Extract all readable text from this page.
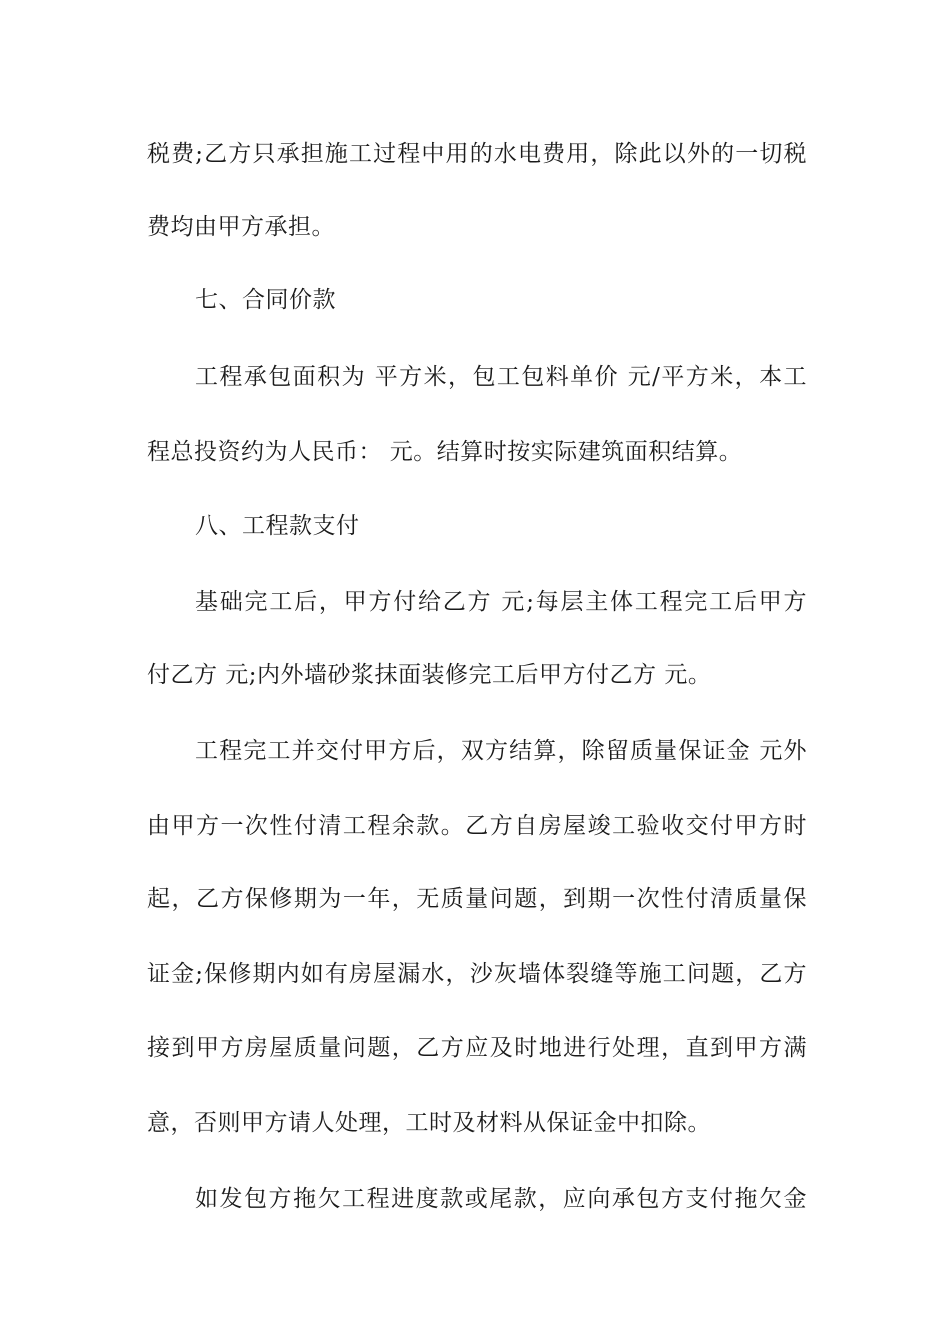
税费;乙方只承担施工过程中用的水电费用，除此以外的一切税
费均由甲方承担。
七、合同价款
工程承包面积为 平方米，包工包料单价 元/平方米，本工
程总投资约为人民币： 元。结算时按实际建筑面积结算。
八、工程款支付
基础完工后，甲方付给乙方 元;每层主体工程完工后甲方
付乙方 元;内外墙砂浆抹面装修完工后甲方付乙方 元。
工程完工并交付甲方后，双方结算，除留质量保证金 元外
由甲方一次性付清工程余款。乙方自房屋竣工验收交付甲方时
起，乙方保修期为一年，无质量问题，到期一次性付清质量保
证金;保修期内如有房屋漏水，沙灰墙体裂缝等施工问题，乙方
接到甲方房屋质量问题，乙方应及时地进行处理，直到甲方满
意，否则甲方请人处理，工时及材料从保证金中扣除。
如发包方拖欠工程进度款或尾款，应向承包方支付拖欠金
